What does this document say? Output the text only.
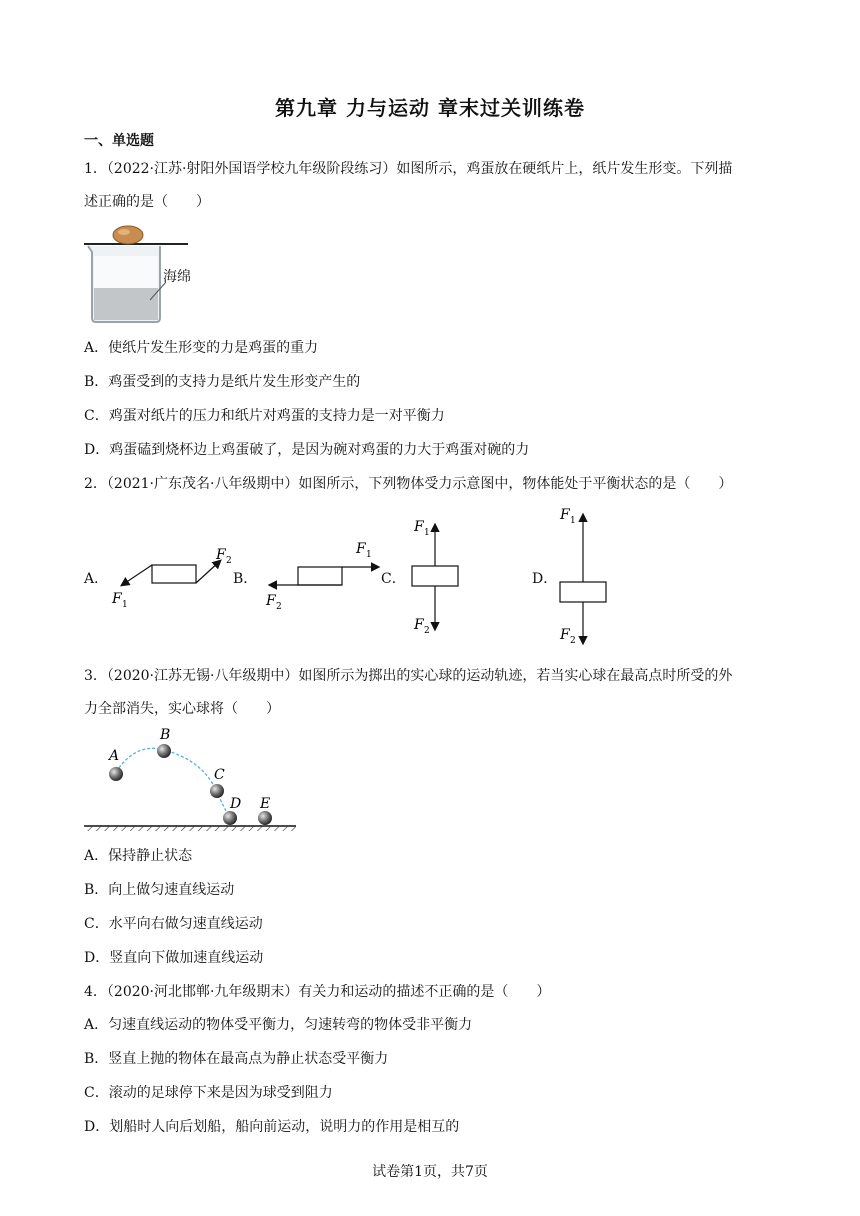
第九章 力与运动 章末过关训练卷
一、单选题
1．（2022·江苏·射阳外国语学校九年级阶段练习）如图所示，鸡蛋放在硬纸片上，纸片发生形变。下列描
述正确的是（　　）
海绵
A．使纸片发生形变的力是鸡蛋的重力
B．鸡蛋受到的支持力是纸片发生形变产生的
C．鸡蛋对纸片的压力和纸片对鸡蛋的支持力是一对平衡力
D．鸡蛋磕到烧杯边上鸡蛋破了，是因为碗对鸡蛋的力大于鸡蛋对碗的力
2．（2021·广东茂名·八年级期中）如图所示，下列物体受力示意图中，物体能处于平衡状态的是（　　）
A．	B．	C．	D．
F 2
F 1
F 1
F 2
F 1
F 2
F 1
F 2
3．（2020·江苏无锡·八年级期中）如图所示为掷出的实心球的运动轨迹，若当实心球在最高点时所受的外
力全部消失，实心球将（　　）
A
B
C
D E
A．保持静止状态
B．向上做匀速直线运动
C．水平向右做匀速直线运动
D．竖直向下做加速直线运动
4．（2020·河北邯郸·九年级期末）有关力和运动的描述不正确的是（　　）
A．匀速直线运动的物体受平衡力，匀速转弯的物体受非平衡力
B．竖直上抛的物体在最高点为静止状态受平衡力
C．滚动的足球停下来是因为球受到阻力
D．划船时人向后划船，船向前运动，说明力的作用是相互的
试卷第1页，共7页
